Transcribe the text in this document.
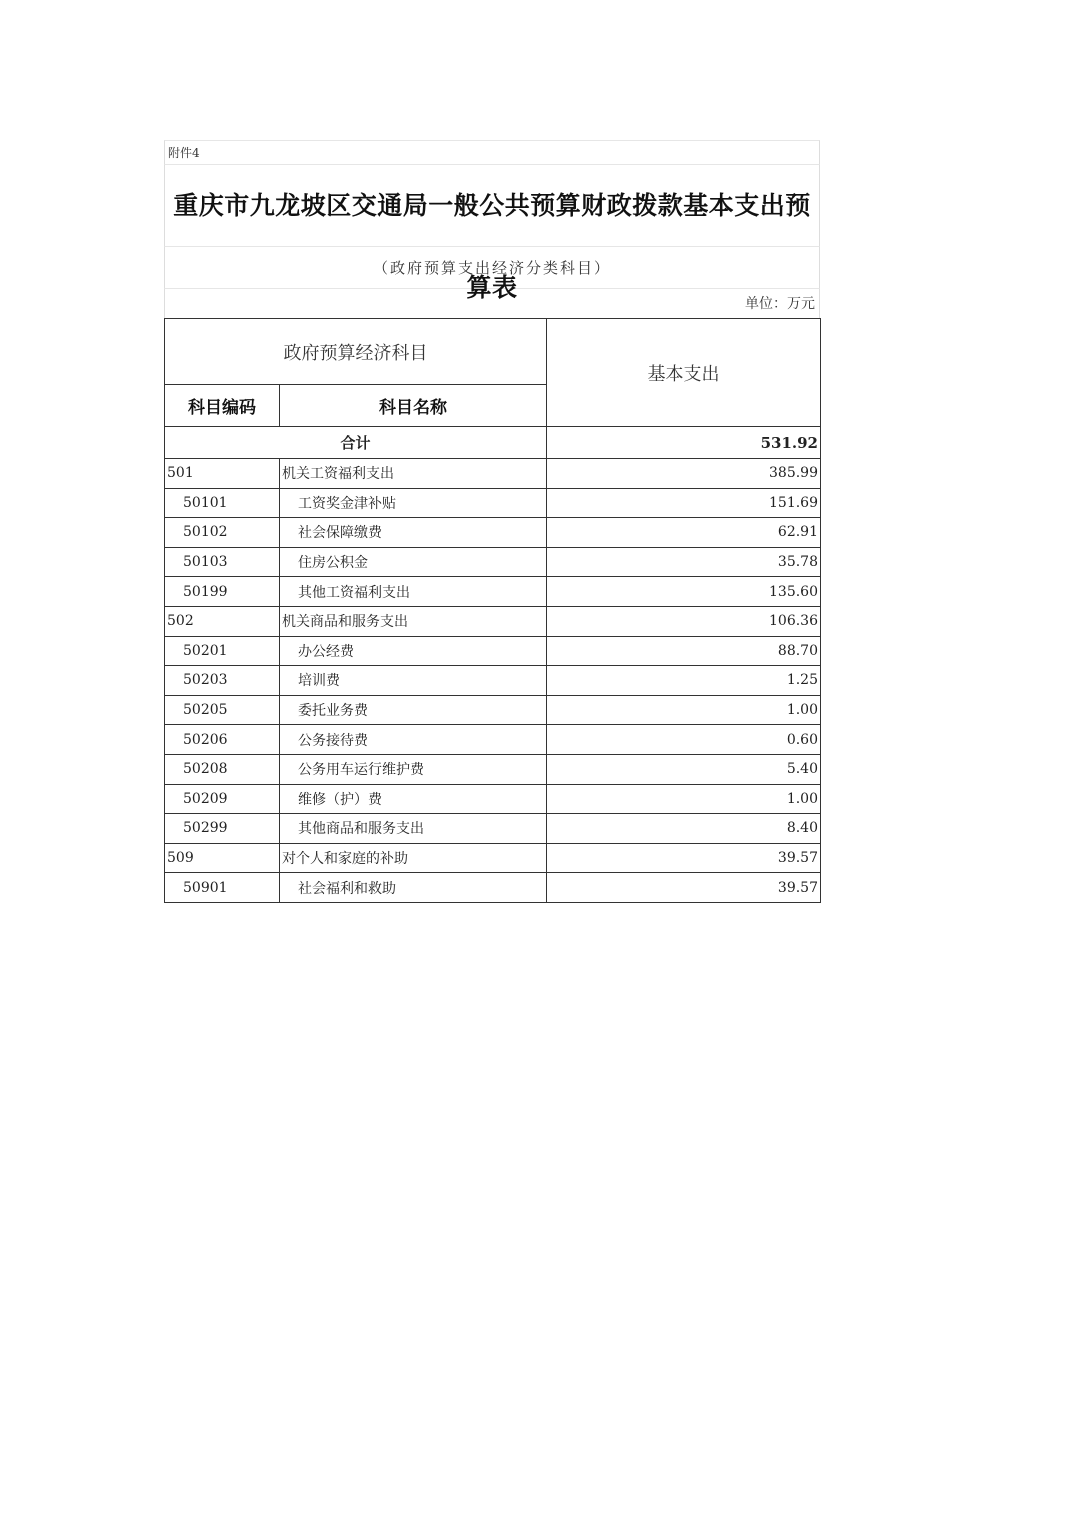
附件4
重庆市九龙坡区交通局一般公共预算财政拨款基本支出预算表
（政府预算支出经济分类科目）
单位：万元
政府预算经济科目		基本支出
科目编码	科目名称	
合计		531.92
501	机关工资福利支出	385.99
50101	工资奖金津补贴	151.69
50102	社会保障缴费	62.91
50103	住房公积金	35.78
50199	其他工资福利支出	135.60
502	机关商品和服务支出	106.36
50201	办公经费	88.70
50203	培训费	1.25
50205	委托业务费	1.00
50206	公务接待费	0.60
50208	公务用车运行维护费	5.40
50209	维修（护）费	1.00
50299	其他商品和服务支出	8.40
509	对个人和家庭的补助	39.57
50901	社会福利和救助	39.57
